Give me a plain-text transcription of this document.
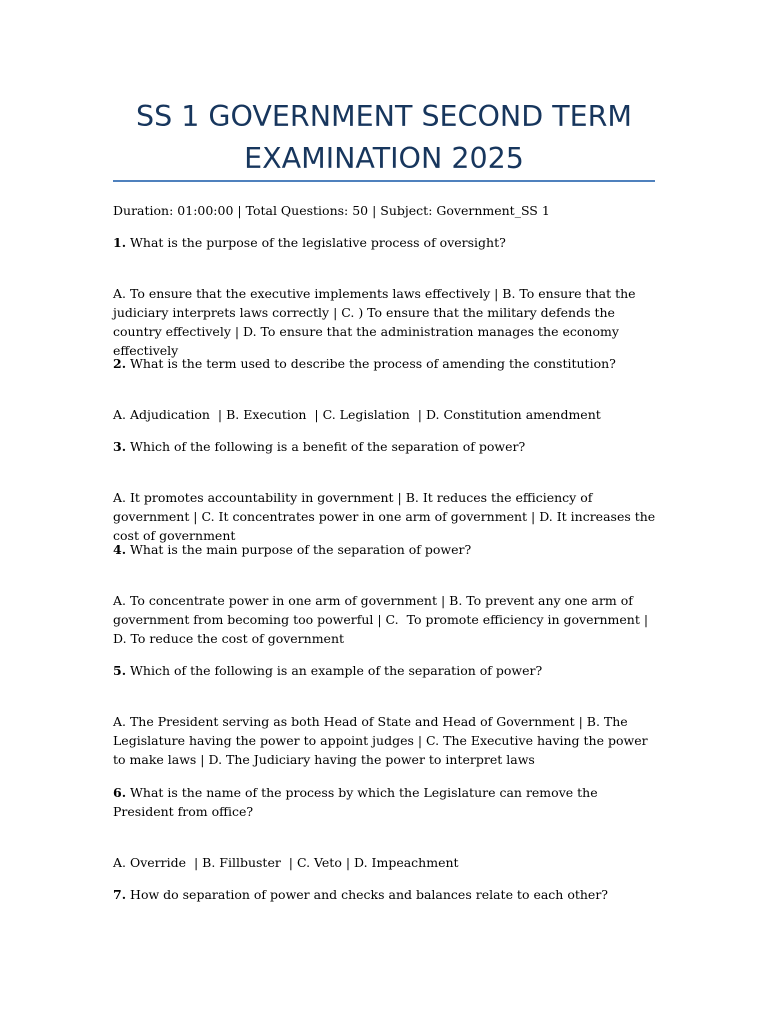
SS 1 GOVERNMENT SECOND TERM
EXAMINATION 2025
Duration: 01:00:00 | Total Questions: 50 | Subject: Government_SS 1
1. What is the purpose of the legislative process of oversight?
A. To ensure that the executive implements laws effectively | B. To ensure that the judiciary interprets laws correctly | C. ) To ensure that the military defends the country effectively | D. To ensure that the administration manages the economy effectively
2. What is the term used to describe the process of amending the constitution?
A. Adjudication  | B. Execution  | C. Legislation  | D. Constitution amendment
3. Which of the following is a benefit of the separation of power?
A. It promotes accountability in government | B. It reduces the efficiency of government | C. It concentrates power in one arm of government | D. It increases the cost of government
4. What is the main purpose of the separation of power?
A. To concentrate power in one arm of government | B. To prevent any one arm of government from becoming too powerful | C.  To promote efficiency in government | D. To reduce the cost of government
5. Which of the following is an example of the separation of power?
A. The President serving as both Head of State and Head of Government | B. The Legislature having the power to appoint judges | C. The Executive having the power to make laws | D. The Judiciary having the power to interpret laws
6. What is the name of the process by which the Legislature can remove the President from office?
A. Override  | B. Fillbuster  | C. Veto | D. Impeachment
7. How do separation of power and checks and balances relate to each other?
